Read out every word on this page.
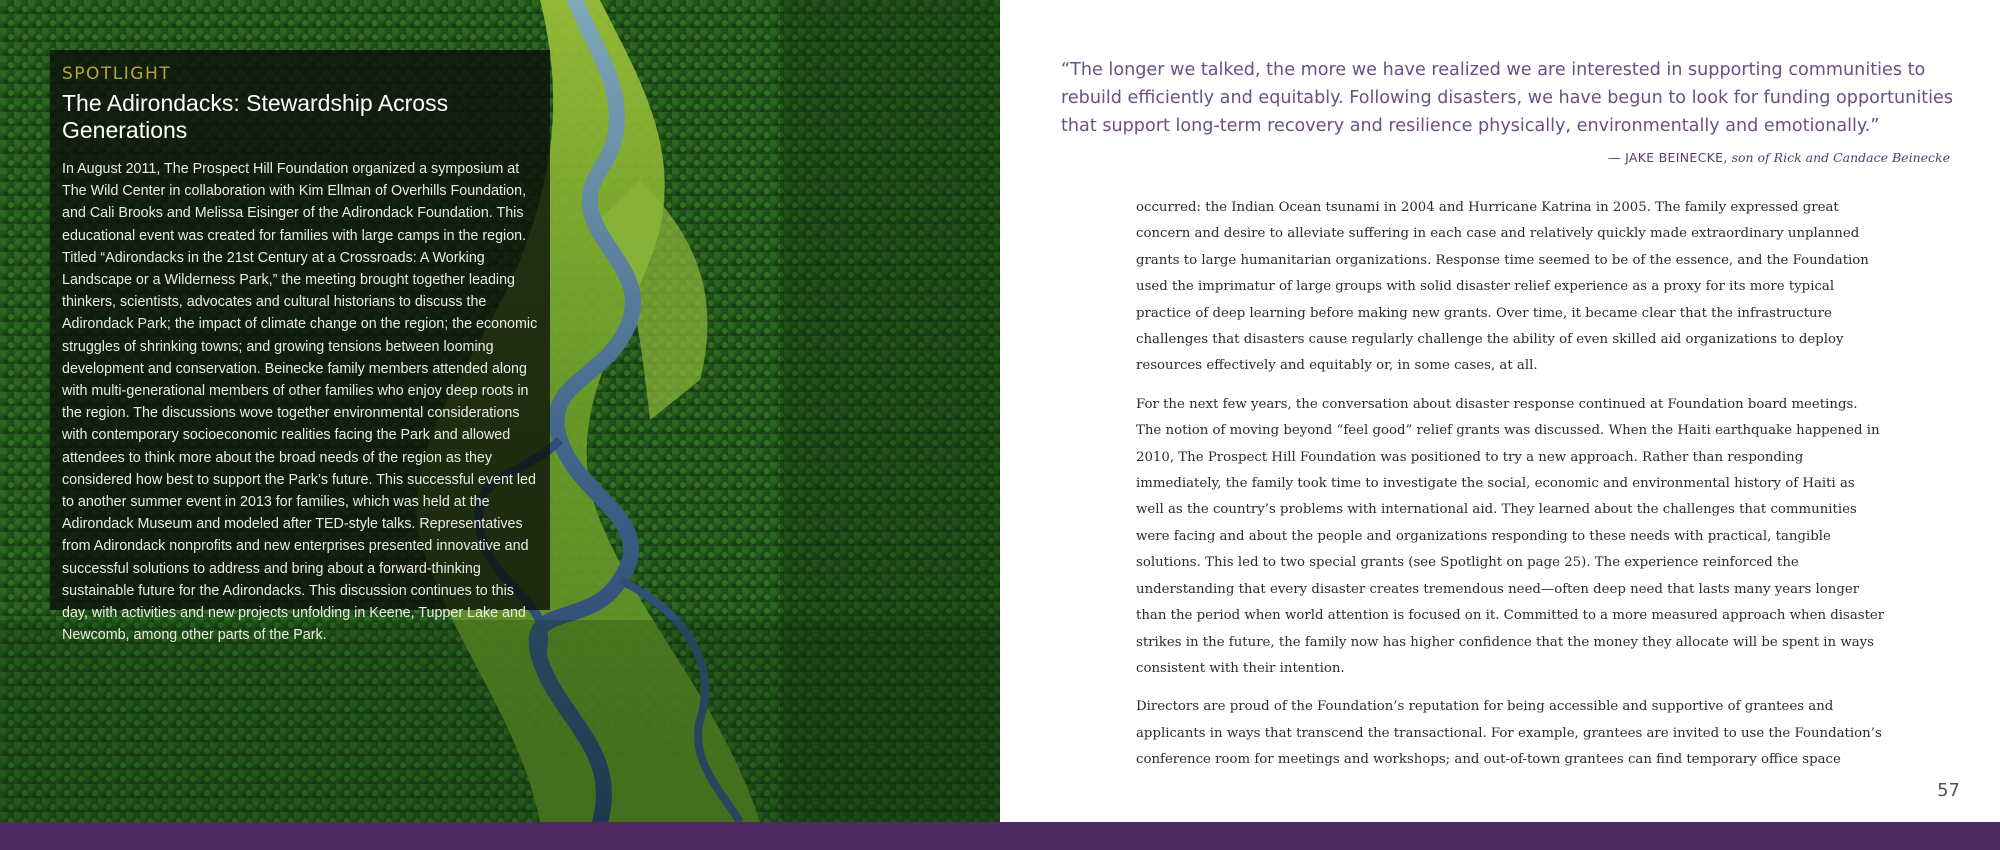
SPOTLIGHT

The Adirondacks: Stewardship Across Generations

In August 2011, The Prospect Hill Foundation organized a symposium at The Wild Center in collaboration with Kim Ellman of Overhills Foundation, and Cali Brooks and Melissa Eisinger of the Adirondack Foundation. This educational event was created for families with large camps in the region. Titled “Adirondacks in the 21st Century at a Crossroads: A Working Landscape or a Wilderness Park,” the meeting brought together leading thinkers, scientists, advocates and cultural historians to discuss the Adirondack Park; the impact of climate change on the region; the economic struggles of shrinking towns; and growing tensions between looming development and conservation. Beinecke family members attended along with multi-generational members of other families who enjoy deep roots in the region. The discussions wove together environmental considerations with contemporary socioeconomic realities facing the Park and allowed attendees to think more about the broad needs of the region as they considered how best to support the Park’s future. This successful event led to another summer event in 2013 for families, which was held at the Adirondack Museum and modeled after TED-style talks. Representatives from Adirondack nonprofits and new enterprises presented innovative and successful solutions to address and bring about a forward-thinking sustainable future for the Adirondacks. This discussion continues to this day, with activities and new projects unfolding in Keene, Tupper Lake and Newcomb, among other parts of the Park.

“The longer we talked, the more we have realized we are interested in supporting communities to rebuild efficiently and equitably. Following disasters, we have begun to look for funding opportunities that support long-term recovery and resilience physically, environmentally and emotionally.”

— JAKE BEINECKE, son of Rick and Candace Beinecke

occurred: the Indian Ocean tsunami in 2004 and Hurricane Katrina in 2005. The family expressed great concern and desire to alleviate suffering in each case and relatively quickly made extraordinary unplanned grants to large humanitarian organizations. Response time seemed to be of the essence, and the Foundation used the imprimatur of large groups with solid disaster relief experience as a proxy for its more typical practice of deep learning before making new grants. Over time, it became clear that the infrastructure challenges that disasters cause regularly challenge the ability of even skilled aid organizations to deploy resources effectively and equitably or, in some cases, at all.

For the next few years, the conversation about disaster response continued at Foundation board meetings. The notion of moving beyond “feel good” relief grants was discussed. When the Haiti earthquake happened in 2010, The Prospect Hill Foundation was positioned to try a new approach. Rather than responding immediately, the family took time to investigate the social, economic and environmental history of Haiti as well as the country’s problems with international aid. They learned about the challenges that communities were facing and about the people and organizations responding to these needs with practical, tangible solutions. This led to two special grants (see Spotlight on page 25). The experience reinforced the understanding that every disaster creates tremendous need—often deep need that lasts many years longer than the period when world attention is focused on it. Committed to a more measured approach when disaster strikes in the future, the family now has higher confidence that the money they allocate will be spent in ways consistent with their intention.

Directors are proud of the Foundation’s reputation for being accessible and supportive of grantees and applicants in ways that transcend the transactional. For example, grantees are invited to use the Foundation’s conference room for meetings and workshops; and out-of-town grantees can find temporary office space

57
